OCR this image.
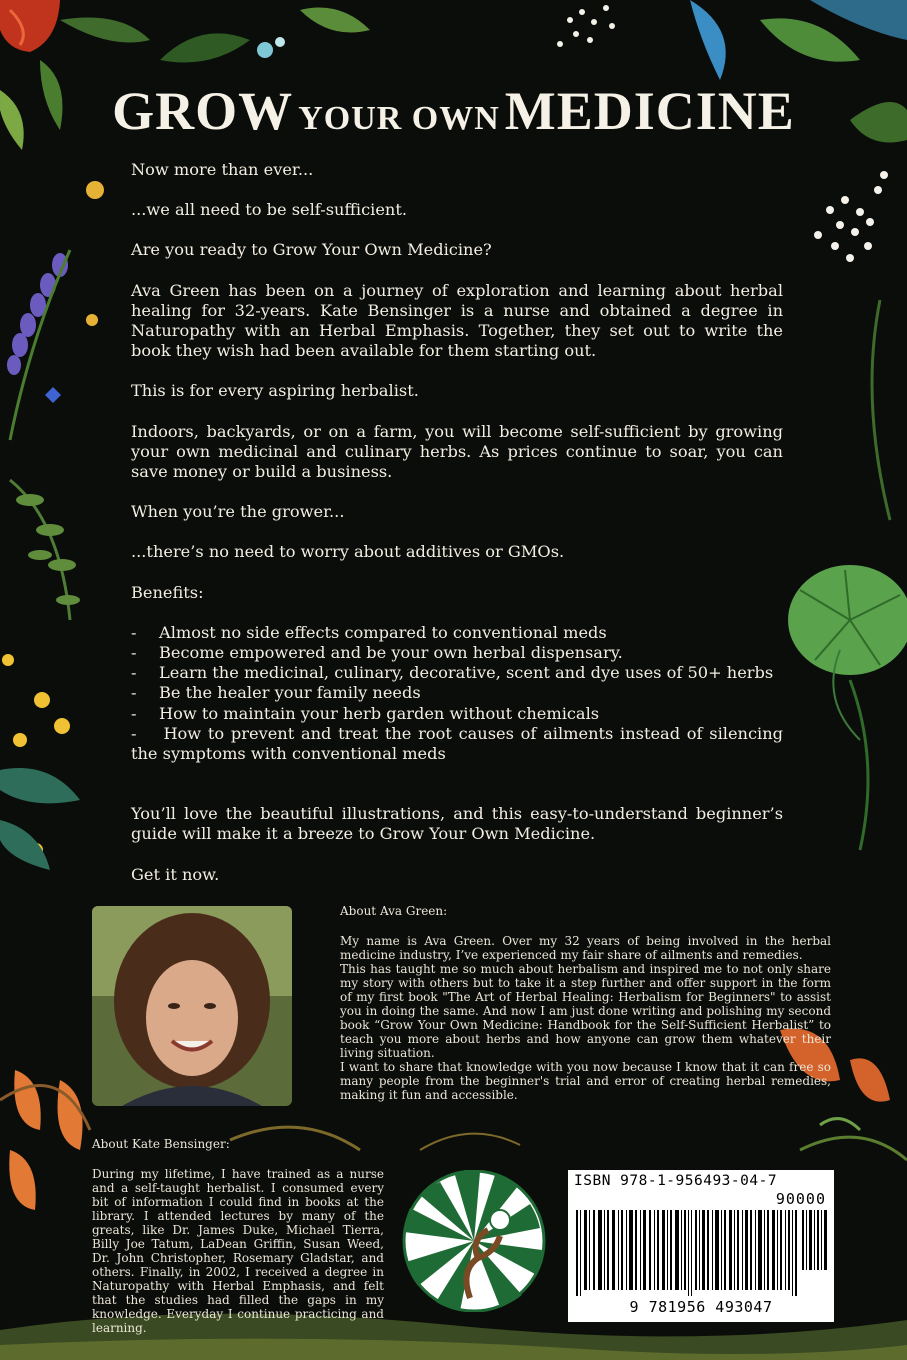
GROW YOUR OWN MEDICINE

Now more than ever...

...we all need to be self-sufficient.

Are you ready to Grow Your Own Medicine?

Ava Green has been on a journey of exploration and learning about herbal healing for 32-years. Kate Bensinger is a nurse and obtained a degree in Naturopathy with an Herbal Emphasis. Together, they set out to write the book they wish had been available for them starting out.

This is for every aspiring herbalist.

Indoors, backyards, or on a farm, you will become self-sufficient by growing your own medicinal and culinary herbs. As prices continue to soar, you can save money or build a business.

When you’re the grower...

...there’s no need to worry about additives or GMOs.

Benefits:

- Almost no side effects compared to conventional meds
- Become empowered and be your own herbal dispensary.
- Learn the medicinal, culinary, decorative, scent and dye uses of 50+ herbs
- Be the healer your family needs
- How to maintain your herb garden without chemicals
-    How to prevent and treat the root causes of ailments instead of silencing the symptoms with conventional meds

You’ll love the beautiful illustrations, and this easy-to-understand beginner’s guide will make it a breeze to Grow Your Own Medicine.

Get it now.

About Ava Green:

My name is Ava Green. Over my 32 years of being involved in the herbal medicine industry, I’ve experienced my fair share of ailments and remedies.

This has taught me so much about herbalism and inspired me to not only share my story with others but to take it a step further and offer support in the form of my first book "The Art of Herbal Healing: Herbalism for Beginners" to assist you in doing the same. And now I am just done writing and polishing my second book “Grow Your Own Medicine: Handbook for the Self-Sufficient Herbalist” to teach you more about herbs and how anyone can grow them whatever their living situation.

I want to share that knowledge with you now because I know that it can free so many people from the beginner's trial and error of creating herbal remedies, making it fun and accessible.

About Kate Bensinger:

During my lifetime, I have trained as a nurse and a self-taught herbalist. I consumed every bit of information I could find in books at the library. I attended lectures by many of the greats, like Dr. James Duke, Michael Tierra, Billy Joe Tatum, LaDean Griffin, Susan Weed, Dr. John Christopher, Rosemary Gladstar, and others. Finally, in 2002, I received a degree in Naturopathy with Herbal Emphasis, and felt that the studies had filled the gaps in my knowledge. Everyday I continue practicing and learning.

ISBN 978-1-956493-04-7
90000
9 781956 493047
